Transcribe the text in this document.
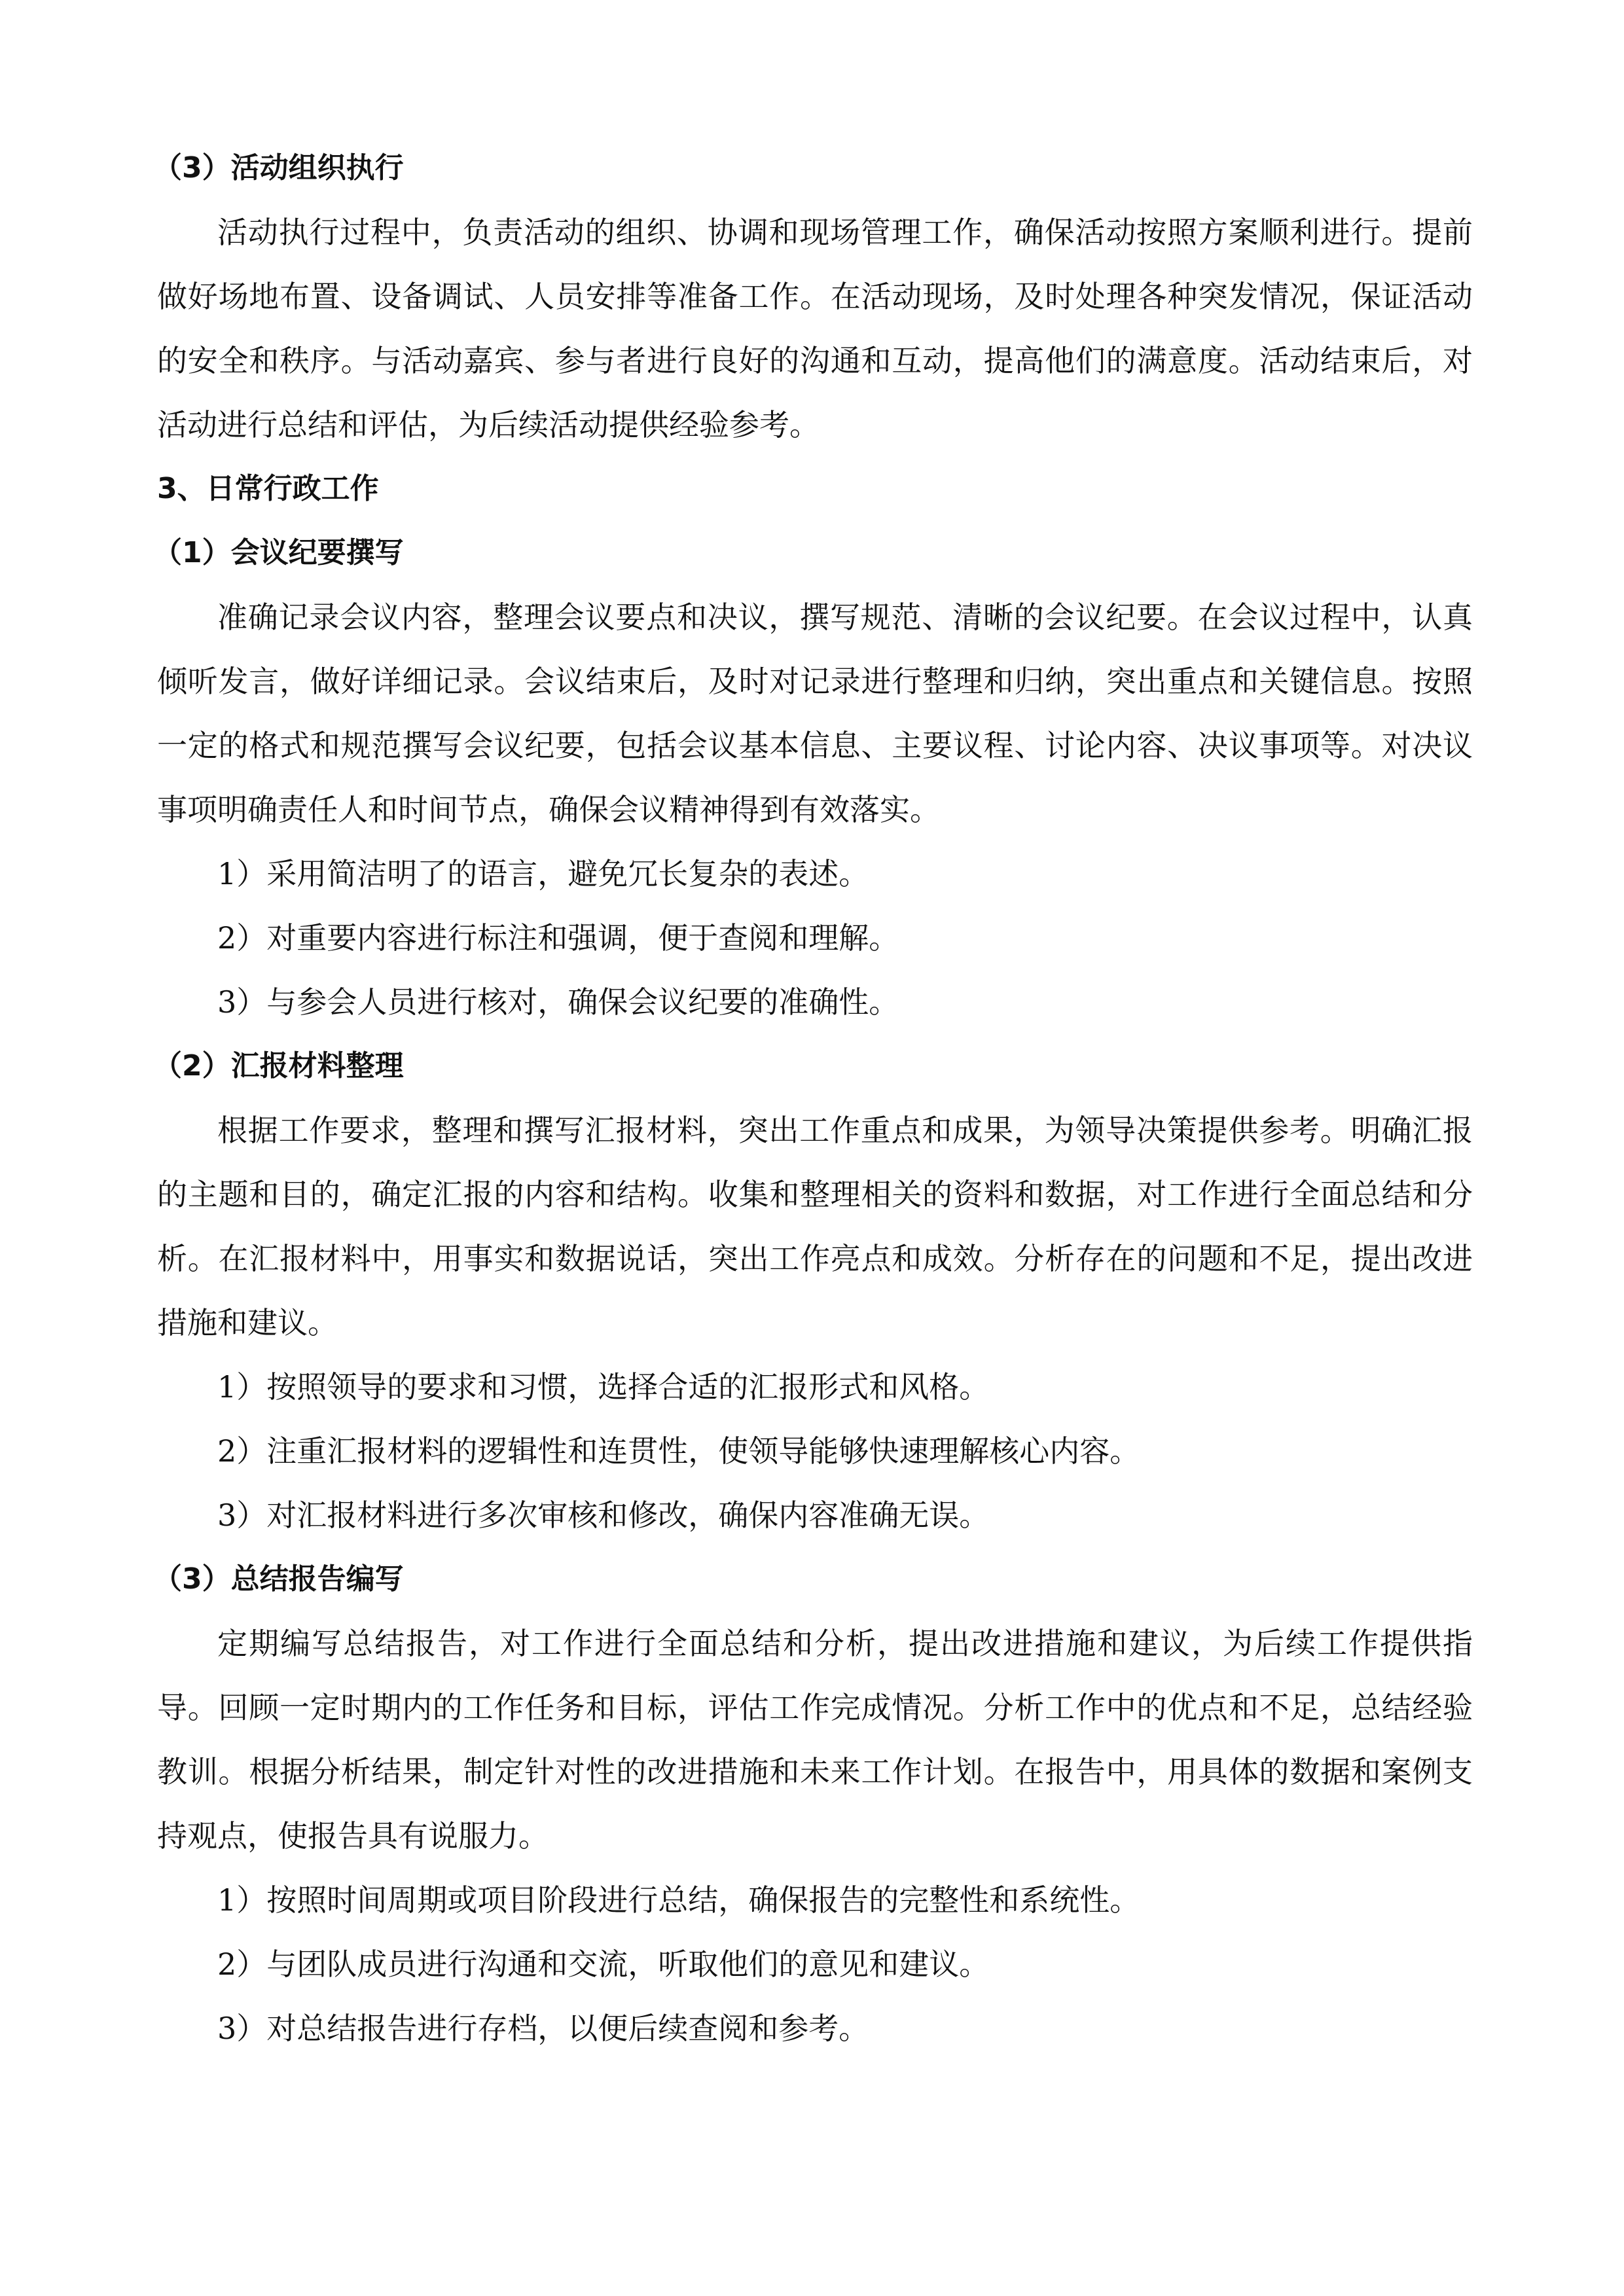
（3）活动组织执行
活动执行过程中，负责活动的组织、协调和现场管理工作，确保活动按照方案顺利进行。提前做好场地布置、设备调试、人员安排等准备工作。在活动现场，及时处理各种突发情况，保证活动的安全和秩序。与活动嘉宾、参与者进行良好的沟通和互动，提高他们的满意度。活动结束后，对活动进行总结和评估，为后续活动提供经验参考。
3、日常行政工作
（1）会议纪要撰写
准确记录会议内容，整理会议要点和决议，撰写规范、清晰的会议纪要。在会议过程中，认真倾听发言，做好详细记录。会议结束后，及时对记录进行整理和归纳，突出重点和关键信息。按照一定的格式和规范撰写会议纪要，包括会议基本信息、主要议程、讨论内容、决议事项等。对决议事项明确责任人和时间节点，确保会议精神得到有效落实。
1）采用简洁明了的语言，避免冗长复杂的表述。
2）对重要内容进行标注和强调，便于查阅和理解。
3）与参会人员进行核对，确保会议纪要的准确性。
（2）汇报材料整理
根据工作要求，整理和撰写汇报材料，突出工作重点和成果，为领导决策提供参考。明确汇报的主题和目的，确定汇报的内容和结构。收集和整理相关的资料和数据，对工作进行全面总结和分析。在汇报材料中，用事实和数据说话，突出工作亮点和成效。分析存在的问题和不足，提出改进措施和建议。
1）按照领导的要求和习惯，选择合适的汇报形式和风格。
2）注重汇报材料的逻辑性和连贯性，使领导能够快速理解核心内容。
3）对汇报材料进行多次审核和修改，确保内容准确无误。
（3）总结报告编写
定期编写总结报告，对工作进行全面总结和分析，提出改进措施和建议，为后续工作提供指导。回顾一定时期内的工作任务和目标，评估工作完成情况。分析工作中的优点和不足，总结经验教训。根据分析结果，制定针对性的改进措施和未来工作计划。在报告中，用具体的数据和案例支持观点，使报告具有说服力。
1）按照时间周期或项目阶段进行总结，确保报告的完整性和系统性。
2）与团队成员进行沟通和交流，听取他们的意见和建议。
3）对总结报告进行存档，以便后续查阅和参考。
